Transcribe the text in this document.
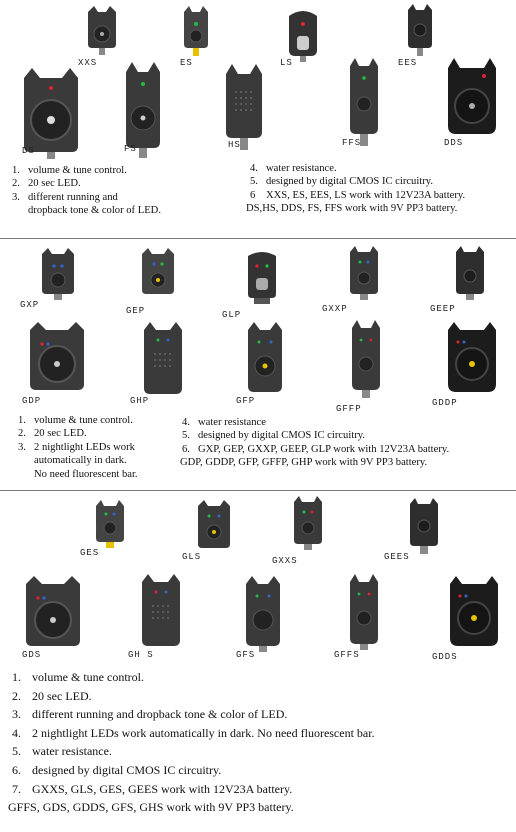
XXS	ES	LS	EES
DS	FS	HS	FFS	DDS
1. volume & tune control.
2. 20 sec LED.
3. different running and
dropback tone & color of LED.
4. water resistance.
5. designed by digital CMOS IC circuitry.
6	XXS, ES, EES, LS work with 12V23A battery.
DS,HS, DDS, FS, FFS work with 9V PP3 battery.
GXP
GEP	GLP
GXXP	GEEP
GDP	GHP	GFP
GFFP
GDDP
1. volume & tune control.
2. 20 sec LED.
3. 2 nightlight LEDs work
automatically in dark.
No need fluorescent bar.
4. water resistance
5. designed by digital CMOS IC circuitry.
6. GXP, GEP, GXXP, GEEP, GLP work with 12V23A battery.
GDP, GDDP, GFP, GFFP, GHP work with 9V PP3 battery.
GES	GLS	GXXS	GEES
GDS	GH S	GFS	GFFS	GDDS
1. volume & tune control.
2. 20 sec LED.
3. different running and dropback tone & color of LED.
4. 2 nightlight LEDs work automatically in dark. No need fluorescent bar.
5. water resistance.
6. designed by digital CMOS IC circuitry.
7. GXXS, GLS, GES, GEES work with 12V23A battery.
GFFS, GDS, GDDS, GFS, GHS work with 9V PP3 battery.
